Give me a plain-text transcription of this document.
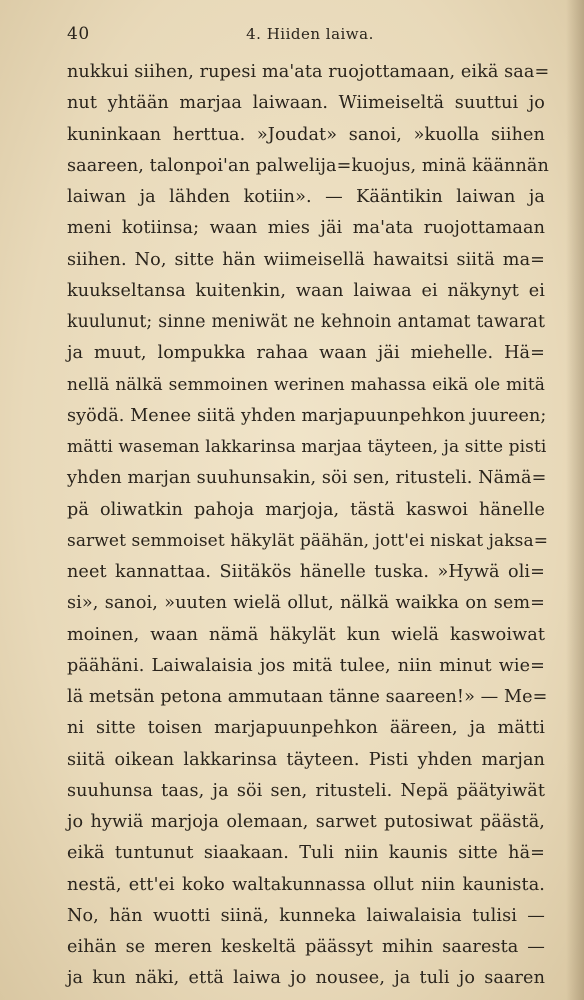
40	4. Hiiden laiwa.
nukkui siihen, rupesi ma'ata ruojottamaan, eikä saa=
nut yhtään marjaa laiwaan. Wiimeiseltä suuttui jo
kuninkaan herttua. »Joudat» sanoi, »kuolla siihen
saareen, talonpoi'an palwelija=kuojus, minä käännän
laiwan ja lähden kotiin». — Kääntikin laiwan ja
meni kotiinsa; waan mies jäi ma'ata ruojottamaan
siihen. No, sitte hän wiimeisellä hawaitsi siitä ma=
kuukseltansa kuitenkin, waan laiwaa ei näkynyt ei
kuulunut; sinne meniwät ne kehnoin antamat tawarat
ja muut, lompukka rahaa waan jäi miehelle. Hä=
nellä nälkä semmoinen werinen mahassa eikä ole mitä
syödä. Menee siitä yhden marjapuunpehkon juureen;
mätti waseman lakkarinsa marjaa täyteen, ja sitte pisti
yhden marjan suuhunsakin, söi sen, ritusteli. Nämä=
pä oliwatkin pahoja marjoja, tästä kaswoi hänelle
sarwet semmoiset häkylät päähän, jott'ei niskat jaksa=
neet kannattaa. Siitäkös hänelle tuska. »Hywä oli=
si», sanoi, »uuten wielä ollut, nälkä waikka on sem=
moinen, waan nämä häkylät kun wielä kaswoiwat
päähäni. Laiwalaisia jos mitä tulee, niin minut wie=
lä metsän petona ammutaan tänne saareen!» — Me=
ni sitte toisen marjapuunpehkon ääreen, ja mätti
siitä oikean lakkarinsa täyteen. Pisti yhden marjan
suuhunsa taas, ja söi sen, ritusteli. Nepä päätyiwät
jo hywiä marjoja olemaan, sarwet putosiwat päästä,
eikä tuntunut siaakaan. Tuli niin kaunis sitte hä=
nestä, ett'ei koko waltakunnassa ollut niin kaunista.
No, hän wuotti siinä, kunneka laiwalaisia tulisi —
eihän se meren keskeltä päässyt mihin saaresta —
ja kun näki, että laiwa jo nousee, ja tuli jo saaren
